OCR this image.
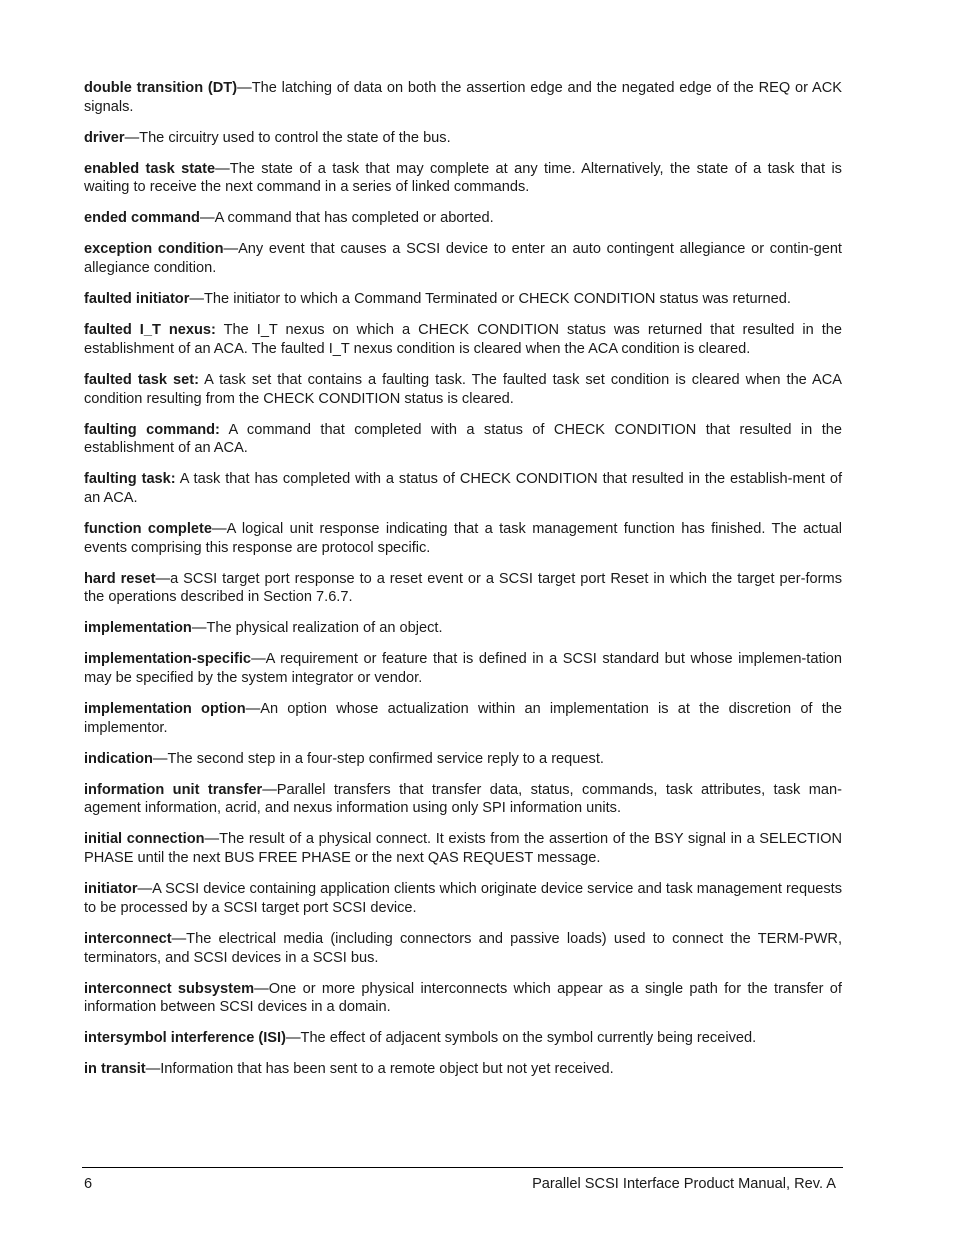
double transition (DT)—The latching of data on both the assertion edge and the negated edge of the REQ or ACK signals.

driver—The circuitry used to control the state of the bus.

enabled task state—The state of a task that may complete at any time. Alternatively, the state of a task that is waiting to receive the next command in a series of linked commands.

ended command—A command that has completed or aborted.

exception condition—Any event that causes a SCSI device to enter an auto contingent allegiance or contin-gent allegiance condition.

faulted initiator—The initiator to which a Command Terminated or CHECK CONDITION status was returned.

faulted I_T nexus: The I_T nexus on which a CHECK CONDITION status was returned that resulted in the establishment of an ACA. The faulted I_T nexus condition is cleared when the ACA condition is cleared.

faulted task set: A task set that contains a faulting task. The faulted task set condition is cleared when the ACA condition resulting from the CHECK CONDITION status is cleared.

faulting command: A command that completed with a status of CHECK CONDITION that resulted in the establishment of an ACA.

faulting task: A task that has completed with a status of CHECK CONDITION that resulted in the establish-ment of an ACA.

function complete—A logical unit response indicating that a task management function has finished. The actual events comprising this response are protocol specific.

hard reset—a SCSI target port response to a reset event or a SCSI target port Reset in which the target per-forms the operations described in Section 7.6.7.

implementation—The physical realization of an object.

implementation-specific—A requirement or feature that is defined in a SCSI standard but whose implemen-tation may be specified by the system integrator or vendor.

implementation option—An option whose actualization within an implementation is at the discretion of the implementor.

indication—The second step in a four-step confirmed service reply to a request.

information unit transfer—Parallel transfers that transfer data, status, commands, task attributes, task man-agement information, acrid, and nexus information using only SPI information units.

initial connection—The result of a physical connect. It exists from the assertion of the BSY signal in a SELECTION PHASE until the next BUS FREE PHASE or the next QAS REQUEST message.

initiator—A SCSI device containing application clients which originate device service and task management requests to be processed by a SCSI target port SCSI device.

interconnect—The electrical media (including connectors and passive loads) used to connect the TERM-PWR, terminators, and SCSI devices in a SCSI bus.

interconnect subsystem—One or more physical interconnects which appear as a single path for the transfer of information between SCSI devices in a domain.

intersymbol interference (ISI)—The effect of adjacent symbols on the symbol currently being received.

in transit—Information that has been sent to a remote object but not yet received.

6	Parallel SCSI Interface Product Manual, Rev. A
